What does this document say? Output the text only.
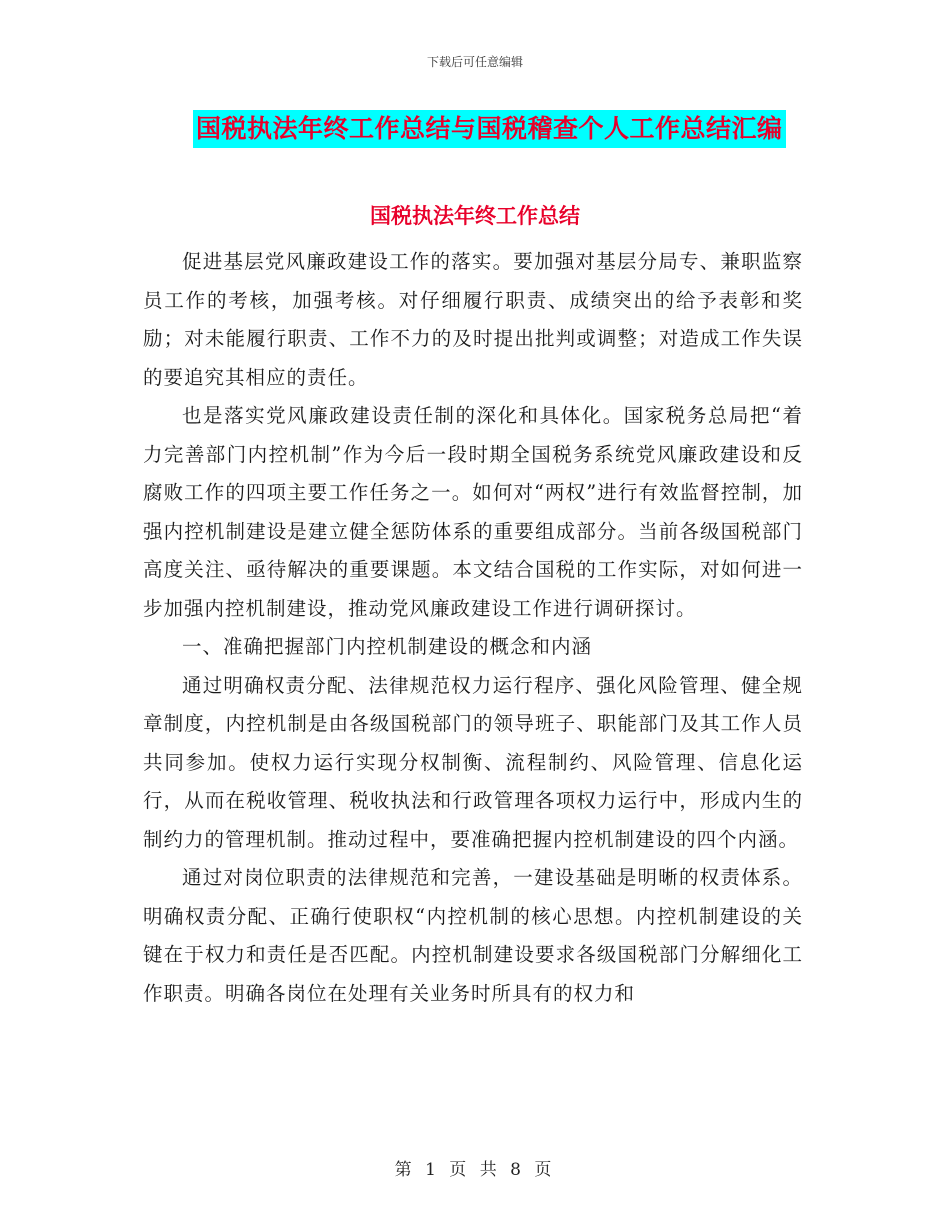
下载后可任意编辑
国税执法年终工作总结与国税稽查个人工作总结汇编
国税执法年终工作总结

促进基层党风廉政建设工作的落实。要加强对基层分局专、兼职监察员工作的考核，加强考核。对仔细履行职责、成绩突出的给予表彰和奖励；对未能履行职责、工作不力的及时提出批判或调整；对造成工作失误的要追究其相应的责任。

也是落实党风廉政建设责任制的深化和具体化。国家税务总局把“着力完善部门内控机制”作为今后一段时期全国税务系统党风廉政建设和反腐败工作的四项主要工作任务之一。如何对“两权”进行有效监督控制，加强内控机制建设是建立健全惩防体系的重要组成部分。当前各级国税部门高度关注、亟待解决的重要课题。本文结合国税的工作实际，对如何进一步加强内控机制建设，推动党风廉政建设工作进行调研探讨。

一、准确把握部门内控机制建设的概念和内涵

通过明确权责分配、法律规范权力运行程序、强化风险管理、健全规章制度，内控机制是由各级国税部门的领导班子、职能部门及其工作人员共同参加。使权力运行实现分权制衡、流程制约、风险管理、信息化运行，从而在税收管理、税收执法和行政管理各项权力运行中，形成内生的制约力的管理机制。推动过程中，要准确把握内控机制建设的四个内涵。

通过对岗位职责的法律规范和完善，一建设基础是明晰的权责体系。明确权责分配、正确行使职权“内控机制的核心思想。内控机制建设的关键在于权力和责任是否匹配。内控机制建设要求各级国税部门分解细化工作职责。明确各岗位在处理有关业务时所具有的权力和

第 1 页 共 8 页
